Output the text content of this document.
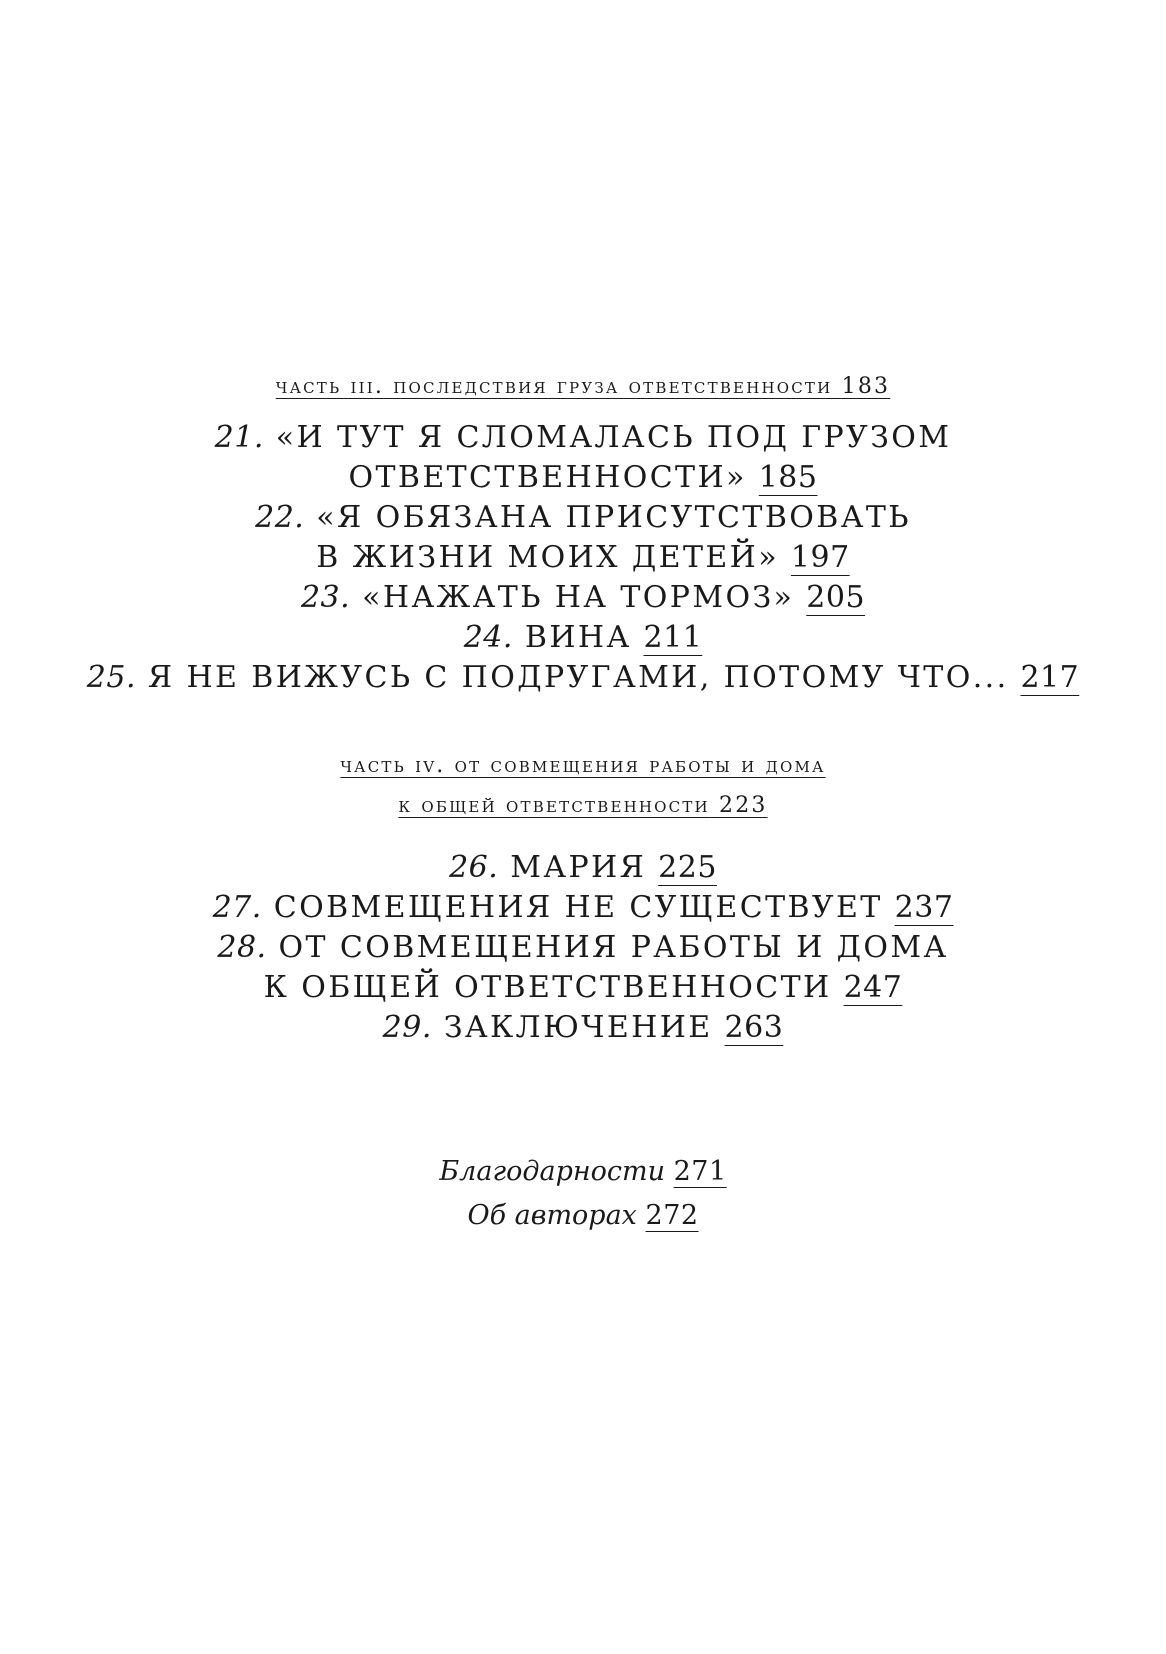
часть iii. последствия груза ответственности 183

21. «И ТУТ Я СЛОМАЛАСЬ ПОД ГРУЗОМ

ОТВЕТСТВЕННОСТИ» 185

22. «Я ОБЯЗАНА ПРИСУТСТВОВАТЬ

В ЖИЗНИ МОИХ ДЕТЕЙ» 197

23. «НАЖАТЬ НА ТОРМОЗ» 205

24. ВИНА 211

25. Я НЕ ВИЖУСЬ С ПОДРУГАМИ, ПОТОМУ ЧТО... 217

часть iv. от совмещения работы и дома

к общей ответственности 223

26. МАРИЯ 225

27. СОВМЕЩЕНИЯ НЕ СУЩЕСТВУЕТ 237

28. ОТ СОВМЕЩЕНИЯ РАБОТЫ И ДОМА

К ОБЩЕЙ ОТВЕТСТВЕННОСТИ 247

29. ЗАКЛЮЧЕНИЕ 263

Благодарности 271

Об авторах 272
